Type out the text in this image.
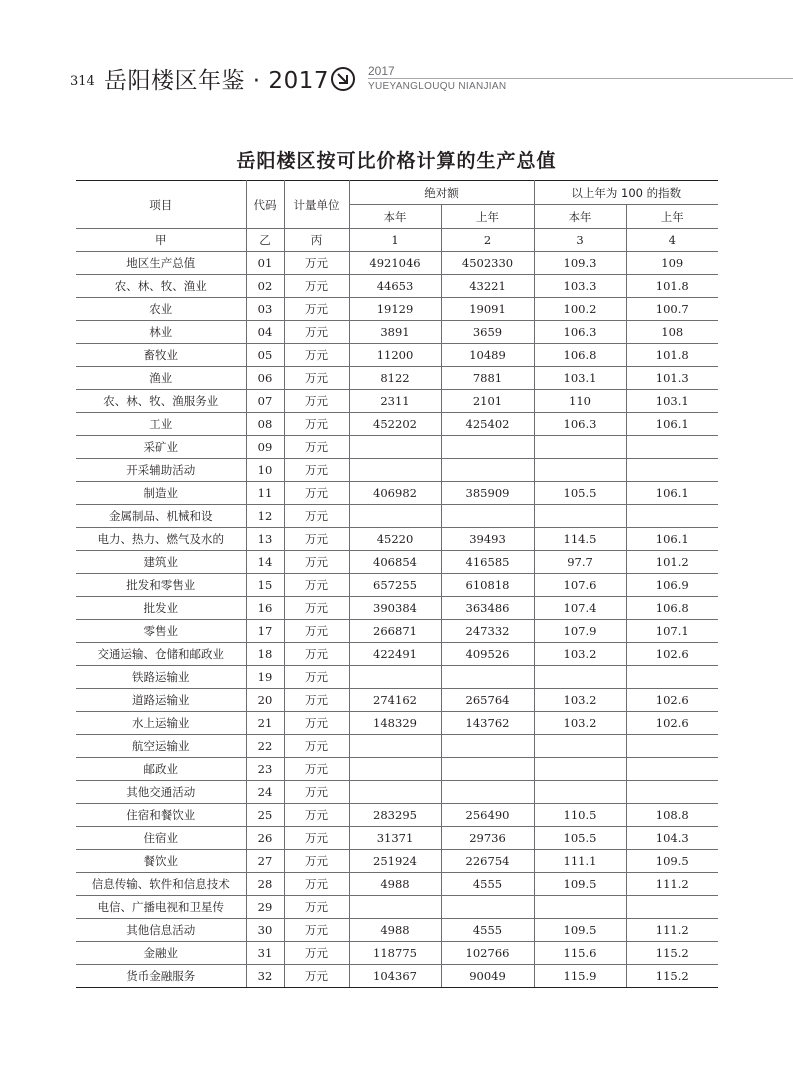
314 岳阳楼区年鉴 · 2017	2017
YUEYANGLOUQU NIANJIAN
岳阳楼区按可比价格计算的生产总值
项目	代码	计量单位	绝对额		以上年为 100 的指数	
			本年	上年	本年	上年
甲	乙	丙	1	2	3	4
地区生产总值	01	万元	4921046	4502330	109.3	109
农、林、牧、渔业	02	万元	44653	43221	103.3	101.8
农业	03	万元	19129	19091	100.2	100.7
林业	04	万元	3891	3659	106.3	108
畜牧业	05	万元	11200	10489	106.8	101.8
渔业	06	万元	8122	7881	103.1	101.3
农、林、牧、渔服务业	07	万元	2311	2101	110	103.1
工业	08	万元	452202	425402	106.3	106.1
采矿业	09	万元				
开采辅助活动	10	万元				
制造业	11	万元	406982	385909	105.5	106.1
金属制品、机械和设	12	万元				
电力、热力、燃气及水的	13	万元	45220	39493	114.5	106.1
建筑业	14	万元	406854	416585	97.7	101.2
批发和零售业	15	万元	657255	610818	107.6	106.9
批发业	16	万元	390384	363486	107.4	106.8
零售业	17	万元	266871	247332	107.9	107.1
交通运输、仓储和邮政业	18	万元	422491	409526	103.2	102.6
铁路运输业	19	万元				
道路运输业	20	万元	274162	265764	103.2	102.6
水上运输业	21	万元	148329	143762	103.2	102.6
航空运输业	22	万元				
邮政业	23	万元				
其他交通活动	24	万元				
住宿和餐饮业	25	万元	283295	256490	110.5	108.8
住宿业	26	万元	31371	29736	105.5	104.3
餐饮业	27	万元	251924	226754	111.1	109.5
信息传输、软件和信息技术	28	万元	4988	4555	109.5	111.2
电信、广播电视和卫星传	29	万元				
其他信息活动	30	万元	4988	4555	109.5	111.2
金融业	31	万元	118775	102766	115.6	115.2
货币金融服务	32	万元	104367	90049	115.9	115.2
